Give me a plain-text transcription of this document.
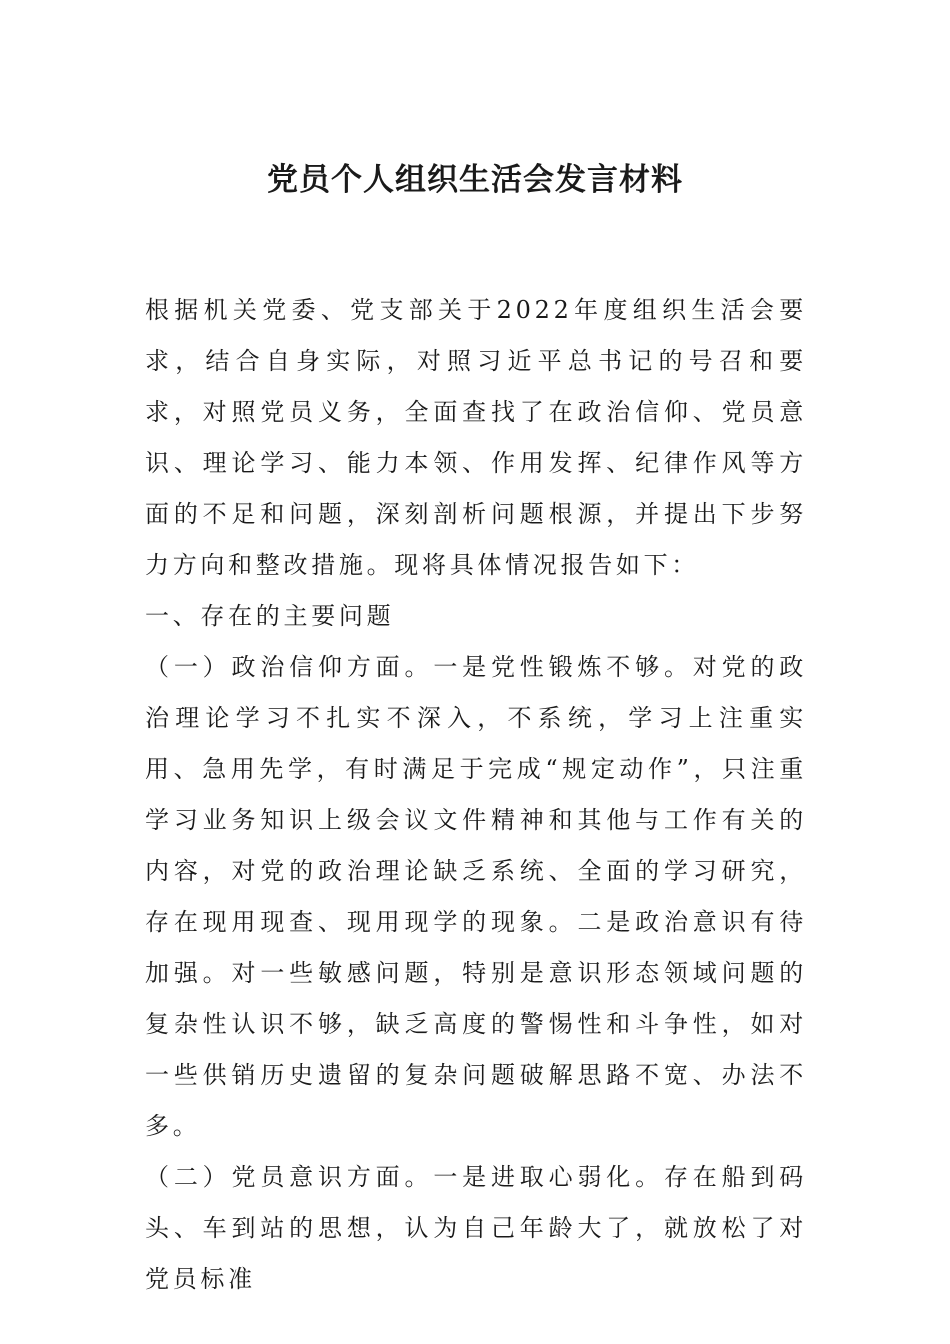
党员个人组织生活会发言材料

根据机关党委、党支部关于2022年度组织生活会要求，结合自身实际，对照习近平总书记的号召和要求，对照党员义务，全面查找了在政治信仰、党员意识、理论学习、能力本领、作用发挥、纪律作风等方面的不足和问题，深刻剖析问题根源，并提出下步努力方向和整改措施。现将具体情况报告如下：

一、存在的主要问题

（一）政治信仰方面。一是党性锻炼不够。对党的政治理论学习不扎实不深入，不系统，学习上注重实用、急用先学，有时满足于完成“规定动作”，只注重学习业务知识上级会议文件精神和其他与工作有关的内容，对党的政治理论缺乏系统、全面的学习研究，存在现用现查、现用现学的现象。二是政治意识有待加强。对一些敏感问题，特别是意识形态领域问题的复杂性认识不够，缺乏高度的警惕性和斗争性，如对一些供销历史遗留的复杂问题破解思路不宽、办法不多。

（二）党员意识方面。一是进取心弱化。存在船到码头、车到站的思想，认为自己年龄大了，就放松了对党员标准
